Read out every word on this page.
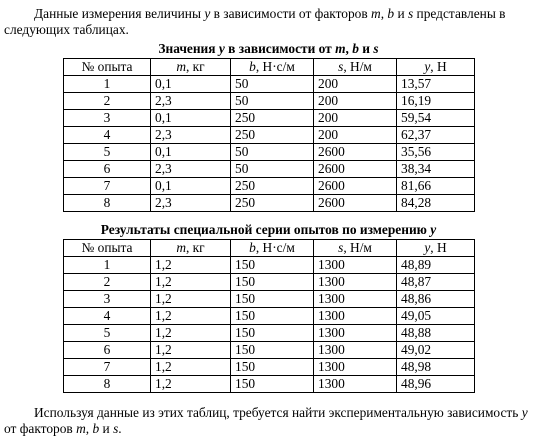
Данные измерения величины y в зависимости от факторов m, b и s представлены в следующих таблицах.

Значения y в зависимости от m, b и s

№ опыта	m, кг	b, Н·с/м	s, Н/м	y, Н
1	0,1	50	200	13,57
2	2,3	50	200	16,19
3	0,1	250	200	59,54
4	2,3	250	200	62,37
5	0,1	50	2600	35,56
6	2,3	50	2600	38,34
7	0,1	250	2600	81,66
8	2,3	250	2600	84,28

Результаты специальной серии опытов по измерению y

№ опыта	m, кг	b, Н·с/м	s, Н/м	y, Н
1	1,2	150	1300	48,89
2	1,2	150	1300	48,87
3	1,2	150	1300	48,86
4	1,2	150	1300	49,05
5	1,2	150	1300	48,88
6	1,2	150	1300	49,02
7	1,2	150	1300	48,98
8	1,2	150	1300	48,96

Используя данные из этих таблиц, требуется найти экспериментальную зависимость y от факторов m, b и s.
